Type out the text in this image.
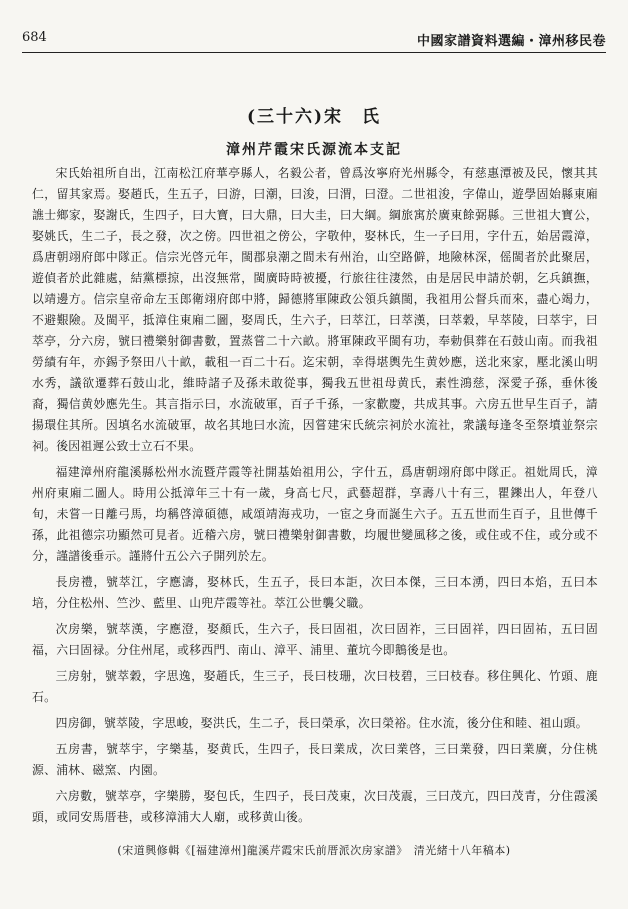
684	中國家譜資料選編・漳州移民卷
(三十六)宋　氏
漳州芹霞宋氏源流本支記

宋氏始祖所自出，江南松江府華亭縣人，名毅公者，曾爲汝寧府光州縣令，有慈惠潭被及民，懷其其仁，留其家焉。娶趙氏，生五子，曰游，曰潮，曰浚，曰渭，曰澄。二世祖浚，字偉山，遊學固始縣東廂譙士鄉家，娶謝氏，生四子，曰大寶，曰大鼎，曰大圭，曰大綱。綱旅寓於廣東餘弼縣。三世祖大寶公，娶姚氏，生二子，長之發，次之傍。四世祖之傍公，字敬仲，娶林氏，生一子曰用，字什五，始居霞漳，爲唐朝翊府郎中隊正。信宗光啓元年，閩郡泉潮之間未有州治，山空路僻，地險林深，傜閩者於此聚居，遊偵者於此雜處，結黨標掠，出沒無常，閩廣時時被擾，行旅往往淒然，由是居民申請於朝，乞兵鎮撫，以靖邊方。信宗皇帝命左玉郎衛翊府郎中將，歸德將軍陳政公領兵鎮閩，我祖用公督兵而來，盡心竭力，不避艱險。及閩平，抵漳住東廂二圖，娶周氏，生六子，曰萃江，曰萃漢，曰萃穀，早萃陵，曰萃宇，曰萃亭，分六房，號曰禮樂射御書數，置蒸嘗二十六畝。將軍陳政平閩有功，奉勅俱葬在石鼓山南。而我祖勞績有年，亦錫予祭田八十畝，載租一百二十石。迄宋朝，幸得堪輿先生黄妙應，送北來家，壓北溪山明水秀，議欲遷葬石鼓山北，維時諸子及孫未敢從事，獨我五世祖母黄氏，素性鴻慈，深愛子孫，垂休後裔，獨信黄妙應先生。其言指示曰，水流破軍，百子千孫，一家歡慶，共成其事。六房五世早生百子，請揚環住其所。因填名水流破軍，故名其地曰水流，因嘗建宋氏統宗祠於水流社，衆議每逢冬至祭墳並祭宗祠。後因祖遲公致士立石不果。

福建漳州府龍溪縣松州水流暨芹霞等社開基始祖用公，字什五，爲唐朝翊府郎中隊正。祖妣周氏，漳州府東廂二圖人。時用公抵漳年三十有一歲，身高七尺，武藝超群，享壽八十有三，瞿鑠出人，年登八旬，未嘗一日離弓馬，均稱啓漳碩德，咸頌靖海戎功，一宦之身而誕生六子。五五世而生百子，且世傳千孫，此祖德宗功顯然可見者。近稽六房，號曰禮樂射御書數，均履世變風移之後，或住或不住，或分或不分，謹譜後垂示。謹將什五公六子開列於左。

長房禮，號萃江，字應濤，娶林氏，生五子，長曰本詎，次曰本傑，三曰本湧，四曰本焰，五曰本培，分住松州、竺沙、藍里、山兜芹霞等社。萃江公世襲父職。

次房樂，號萃漢，字應澄，娶顏氏，生六子，長曰固祖，次曰固祚，三曰固祥，四曰固祐，五曰固福，六曰固禄。分住州尾，或移西門、南山、漳平、浦里、董坑今即鵝後是也。

三房射，號萃穀，字思逸，娶趙氏，生三子，長曰枝珊，次曰枝碧，三曰枝春。移住興化、竹頭、鹿石。

四房御，號萃陵，字思峻，娶洪氏，生二子，長曰榮承，次曰榮裕。住水流，後分住和睦、祖山頭。

五房書，號萃宇，字樂基，娶黄氏，生四子，長曰業成，次曰業啓，三曰業發，四曰業廣，分住桃源、浦林、磁窯、内園。

六房數，號萃亭，字樂勝，娶包氏，生四子，長曰茂東，次曰茂震，三曰茂亢，四曰茂青，分住霞溪頭，或同安馬厝巷，或移漳浦大人廟，或移黄山後。

(宋道興修輯《[福建漳州]龍溪芹霞宋氏前厝派次房家譜》　清光緒十八年稿本)
